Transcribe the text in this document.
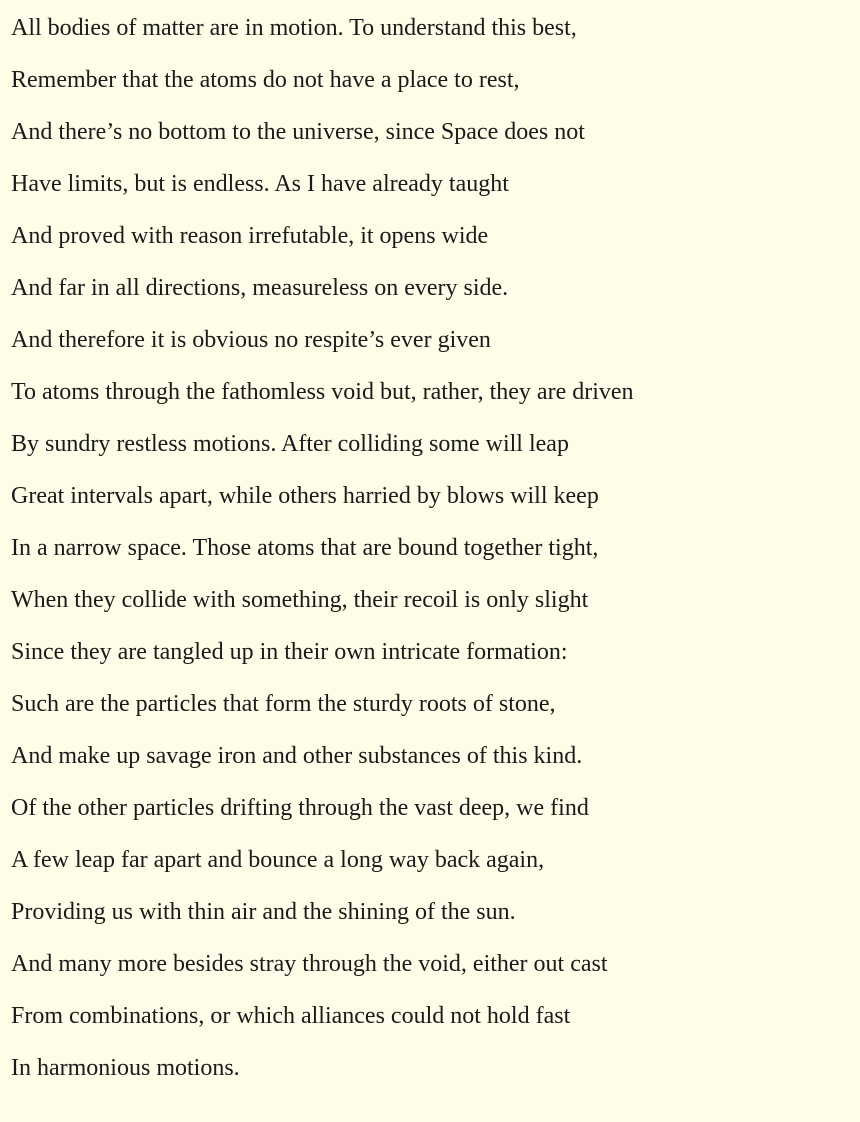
All bodies of matter are in motion. To understand this best,

Remember that the atoms do not have a place to rest,

And there’s no bottom to the universe, since Space does not

Have limits, but is endless. As I have already taught

And proved with reason irrefutable, it opens wide

And far in all directions, measureless on every side.

And therefore it is obvious no respite’s ever given

To atoms through the fathomless void but, rather, they are driven

By sundry restless motions. After colliding some will leap

Great intervals apart, while others harried by blows will keep

In a narrow space. Those atoms that are bound together tight,

When they collide with something, their recoil is only slight

Since they are tangled up in their own intricate formation:

Such are the particles that form the sturdy roots of stone,

And make up savage iron and other substances of this kind.

Of the other particles drifting through the vast deep, we find

A few leap far apart and bounce a long way back again,

Providing us with thin air and the shining of the sun.

And many more besides stray through the void, either out cast

From combinations, or which alliances could not hold fast

In harmonious motions.
